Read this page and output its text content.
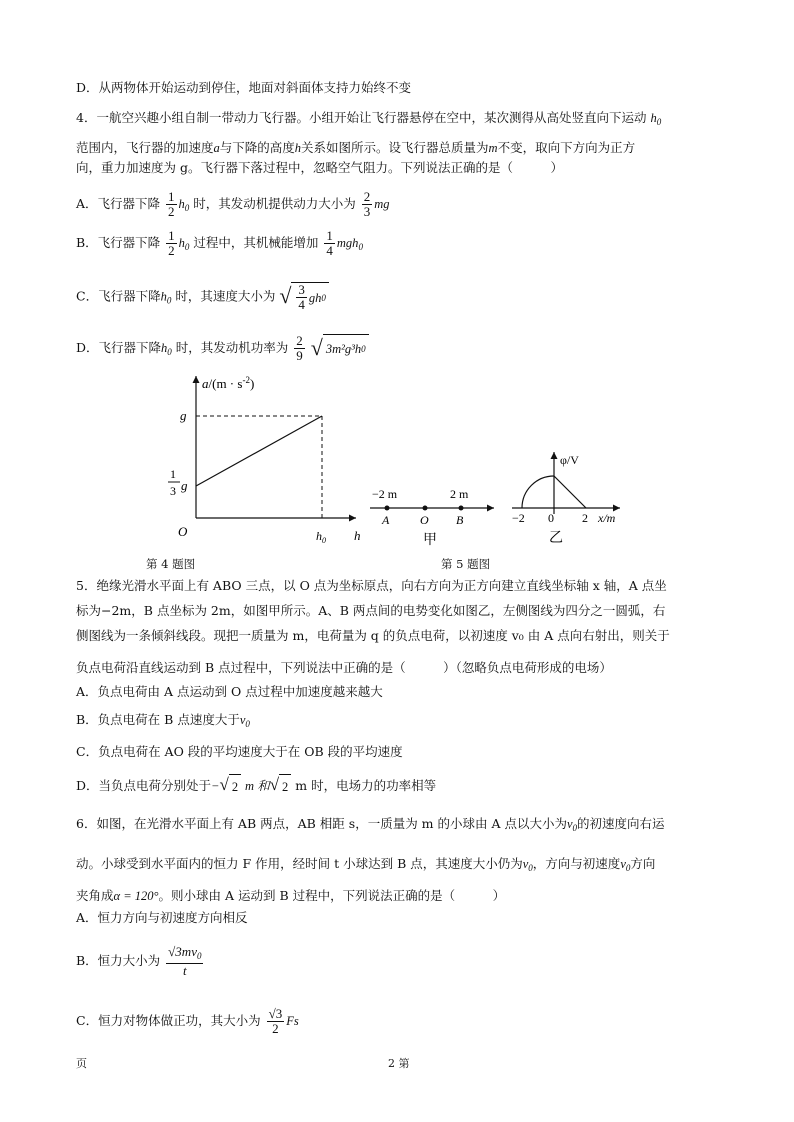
D．从两物体开始运动到停住，地面对斜面体支持力始终不变
4．一航空兴趣小组自制一带动力飞行器。小组开始让飞行器悬停在空中，某次测得从高处竖直向下运动 $h_0$
范围内，飞行器的加速度a与下降的高度h关系如图所示。设飞行器总质量为m不变，取向下方向为正方
向，重力加速度为 g。飞行器下落过程中，忽略空气阻力。下列说法正确的是（　　　）
A．飞行器下降 $\frac{1}{2} h_0$ 时，其发动机提供动力大小为 $\frac{2}{3}$ mg
B．飞行器下降 $\frac{1}{2} h_0$ 过程中，其机械能增加 $\frac{1}{4} mgh_0$
C．飞行器下降$h_0$ 时，其速度大小为 √ $\frac{3}{4}$ gh 0
D．飞行器下降$h_0$ 时，其发动机功率为 $\frac{2}{9}$
√ 3m²g³h 0
$a/(m \cdot s^{-2})$
g
1
3 g
O	$h_0$ h
第 4 题图
−2 m	2 m
A	O B
甲
φ/V
−2 0 2 x/m
乙
第 5 题图
5．绝缘光滑水平面上有 ABO 三点，以 O 点为坐标原点，向右方向为正方向建立直线坐标轴 x 轴，A 点坐
标为−2m，B 点坐标为 2m，如图甲所示。A、B 两点间的电势变化如图乙，左侧图线为四分之一圆弧，右
侧图线为一条倾斜线段。现把一质量为 m，电荷量为 q 的负点电荷，以初速度 v₀ 由 A 点向右射出，则关于
负点电荷沿直线运动到 B 点过程中，下列说法中正确的是（　　　）（忽略负点电荷形成的电场）
A．负点电荷由 A 点运动到 O 点过程中加速度越来越大
B．负点电荷在 B 点速度大于$v_0$
C．负点电荷在 AO 段的平均速度大于在 OB 段的平均速度
D．当负点电荷分别处于− √ 2 m 和 √ 2 m 时，电场力的功率相等
6．如图，在光滑水平面上有 AB 两点，AB 相距 s，一质量为 m 的小球由 A 点以大小为$v_0$的初速度向右运
动。小球受到水平面内的恒力 F 作用，经时间 t 小球达到 B 点，其速度大小仍为$v_0$，方向与初速度$v_0$方向
夹角成α = 120°。则小球由 A 运动到 B 过程中，下列说法正确的是（　　　）
A．恒力方向与初速度方向相反
B．恒力大小为 $\frac{√3mv_0}{t}$
C．恒力对物体做正功，其大小为 $\frac{√3}{2}$ Fs
页	2 第
